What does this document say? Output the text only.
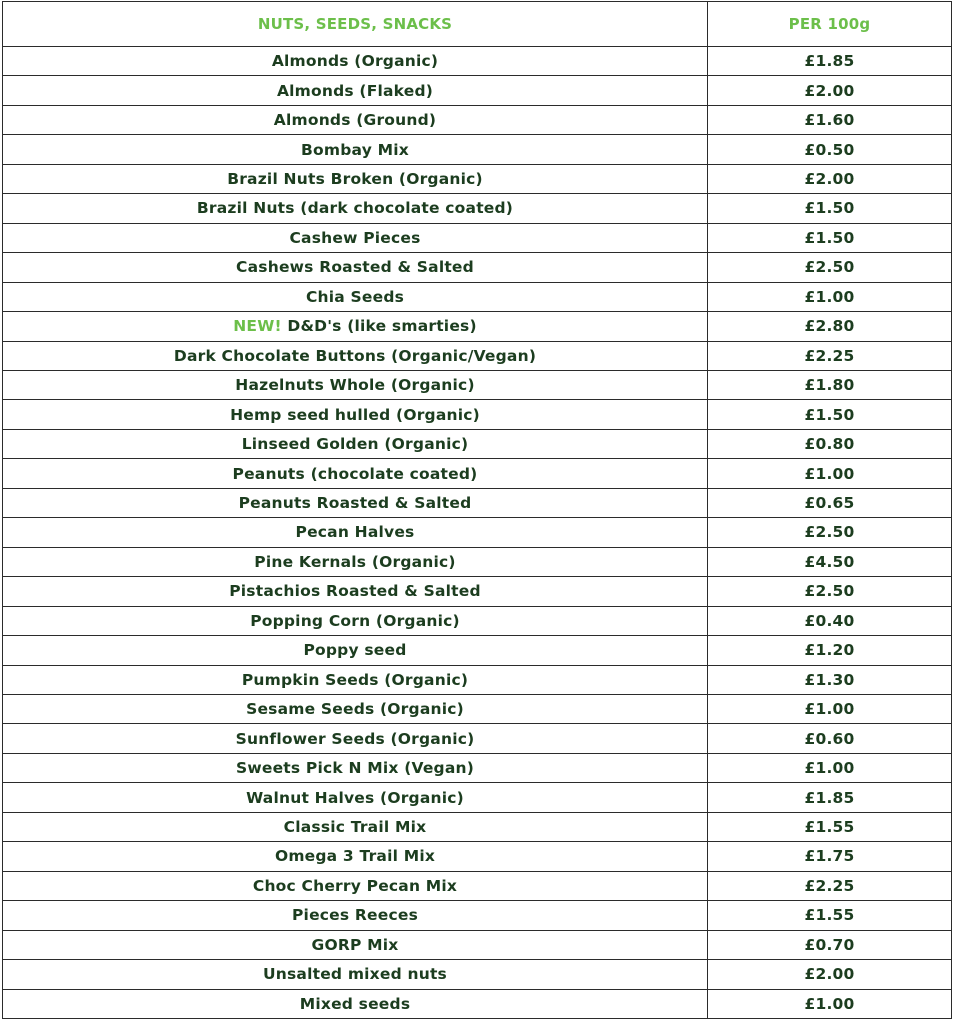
NUTS, SEEDS, SNACKS	PER 100g
Almonds (Organic)	£1.85
Almonds (Flaked)	£2.00
Almonds (Ground)	£1.60
Bombay Mix	£0.50
Brazil Nuts Broken (Organic)	£2.00
Brazil Nuts (dark chocolate coated)	£1.50
Cashew Pieces	£1.50
Cashews Roasted & Salted	£2.50
Chia Seeds	£1.00
NEW! D&D's (like smarties)	£2.80
Dark Chocolate Buttons (Organic/Vegan)	£2.25
Hazelnuts Whole (Organic)	£1.80
Hemp seed hulled (Organic)	£1.50
Linseed Golden (Organic)	£0.80
Peanuts (chocolate coated)	£1.00
Peanuts Roasted & Salted	£0.65
Pecan Halves	£2.50
Pine Kernals (Organic)	£4.50
Pistachios Roasted & Salted	£2.50
Popping Corn (Organic)	£0.40
Poppy seed	£1.20
Pumpkin Seeds (Organic)	£1.30
Sesame Seeds (Organic)	£1.00
Sunflower Seeds (Organic)	£0.60
Sweets Pick N Mix (Vegan)	£1.00
Walnut Halves (Organic)	£1.85
Classic Trail Mix	£1.55
Omega 3 Trail Mix	£1.75
Choc Cherry Pecan Mix	£2.25
Pieces Reeces	£1.55
GORP Mix	£0.70
Unsalted mixed nuts	£2.00
Mixed seeds	£1.00
